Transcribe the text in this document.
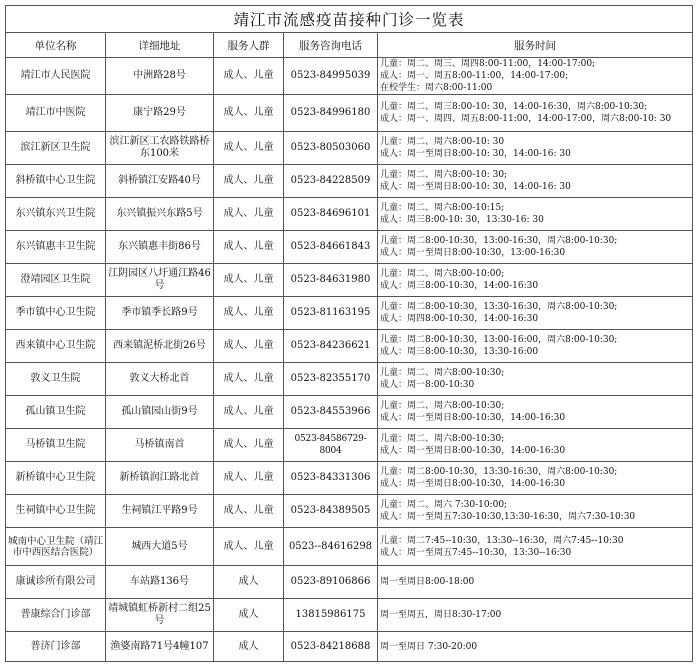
靖江市流感疫苗接种门诊一览表				
单位名称	详细地址	服务人群	服务咨询电话	服务时间
靖江市人民医院	中洲路28号	成人、儿童	0523-84995039	儿童：周二、周三、周四8:00-11:00，14:00-17:00;
成人：周一、周五8:00-11:00，14:00-17:00;
在校学生：周六8:00-11:00

靖江市中医院	康宁路29号	成人、儿童	0523-84996180	儿童：周二、周三8:00-10: 30，14:00-16:30，周六8:00-10:30;
成人：周一、周四、周五8:00-11:00，14:00-17:00，周六8:00-10: 30

滨江新区卫生院	滨江新区工农路铁路桥东100米	成人、儿童	0523-80503060	儿童：周二、周六8:00-10: 30
成人：周一至周日8:00-10: 30，14:00-16: 30

斜桥镇中心卫生院	斜桥镇江安路40号	成人、儿童	0523-84228509	儿童：周二、周六8:00-10: 30;
成人：周一至周日8:00-10: 30，14:00-16: 30

东兴镇东兴卫生院	东兴镇振兴东路5号	成人、儿童	0523-84696101	儿童：周二、周六8:00-10:15;
成人：周三8:00-10: 30，13:30-16: 30

东兴镇惠丰卫生院	东兴镇惠丰街86号	成人、儿童	0523-84661843	儿童：周二8:00-10:30，13:00-16:30，周六8:00-10:30;
成人：周一至周日8:00-10:30，13:00-16:30

澄靖园区卫生院	江阴园区八圩通江路46号	成人、儿童	0523-84631980	儿童：周二、周六8:00-10:00;
成人：周三8:00-10:30，14:00-16:30

季市镇中心卫生院	季市镇季长路9号	成人、儿童	0523-81163195	儿童：周二8:00-10:30，13:30-16:30，周六8:00-10:30;
成人：周四8:00-10:30，14:00-16:30

西来镇中心卫生院	西来镇泥桥北街26号	成人、儿童	0523-84236621	儿童：周二8:00-10:30，13:00-16:00，周六8:00-10:30;
成人：周三8:00-10:30，13:30-16:00

敦义卫生院	敦义大桥北首	成人、儿童	0523-82355170	儿童：周二、周六8:00-10:30;
成人：周一8:00-10:30

孤山镇卫生院	孤山镇园山街9号	成人、儿童	0523-84553966	儿童：周二、周六8:00-10:30;
成人：周一至周日8:00-10:30，14:00-16:30

马桥镇卫生院	马桥镇南首	成人、儿童	0523-84586729-8004	儿童：周二、周六8:00-10:30;
成人：周一至周日8:00-10:30，14:00-16:30

新桥镇中心卫生院	新桥镇润江路北首	成人、儿童	0523-84331306	儿童：周二8:00-10:30，13:30-16:30，周六8:00-10:30;
成人：周一至周日8:00-10:30，14:00-16:30

生祠镇中心卫生院	生祠镇江平路9号	成人、儿童	0523-84389505	儿童：周二、周六 7:30-10:00;
成人：周一至周五7:30-10:30,13:30-16:30，周六7:30-10:30

城南中心卫生院（靖江市中西医结合医院）	城西大道5号	成人、儿童	0523--84616298	儿童：周二7:45--10:30，13:30--16:30，周六7:45--10:30
成人：周一至周五7:45--10:30，13:30--16:30

康诚诊所有限公司	车站路136号	成人	0523-89106866	周一至周日8:00-18:00

普康综合门诊部	靖城镇虹桥新村二组25号	成人	13815986175	周一至周五，周日8:30-17:00

普济门诊部	渔婆南路71号4幢107	成人	0523-84218688	周一至周日 7:30-20:00
